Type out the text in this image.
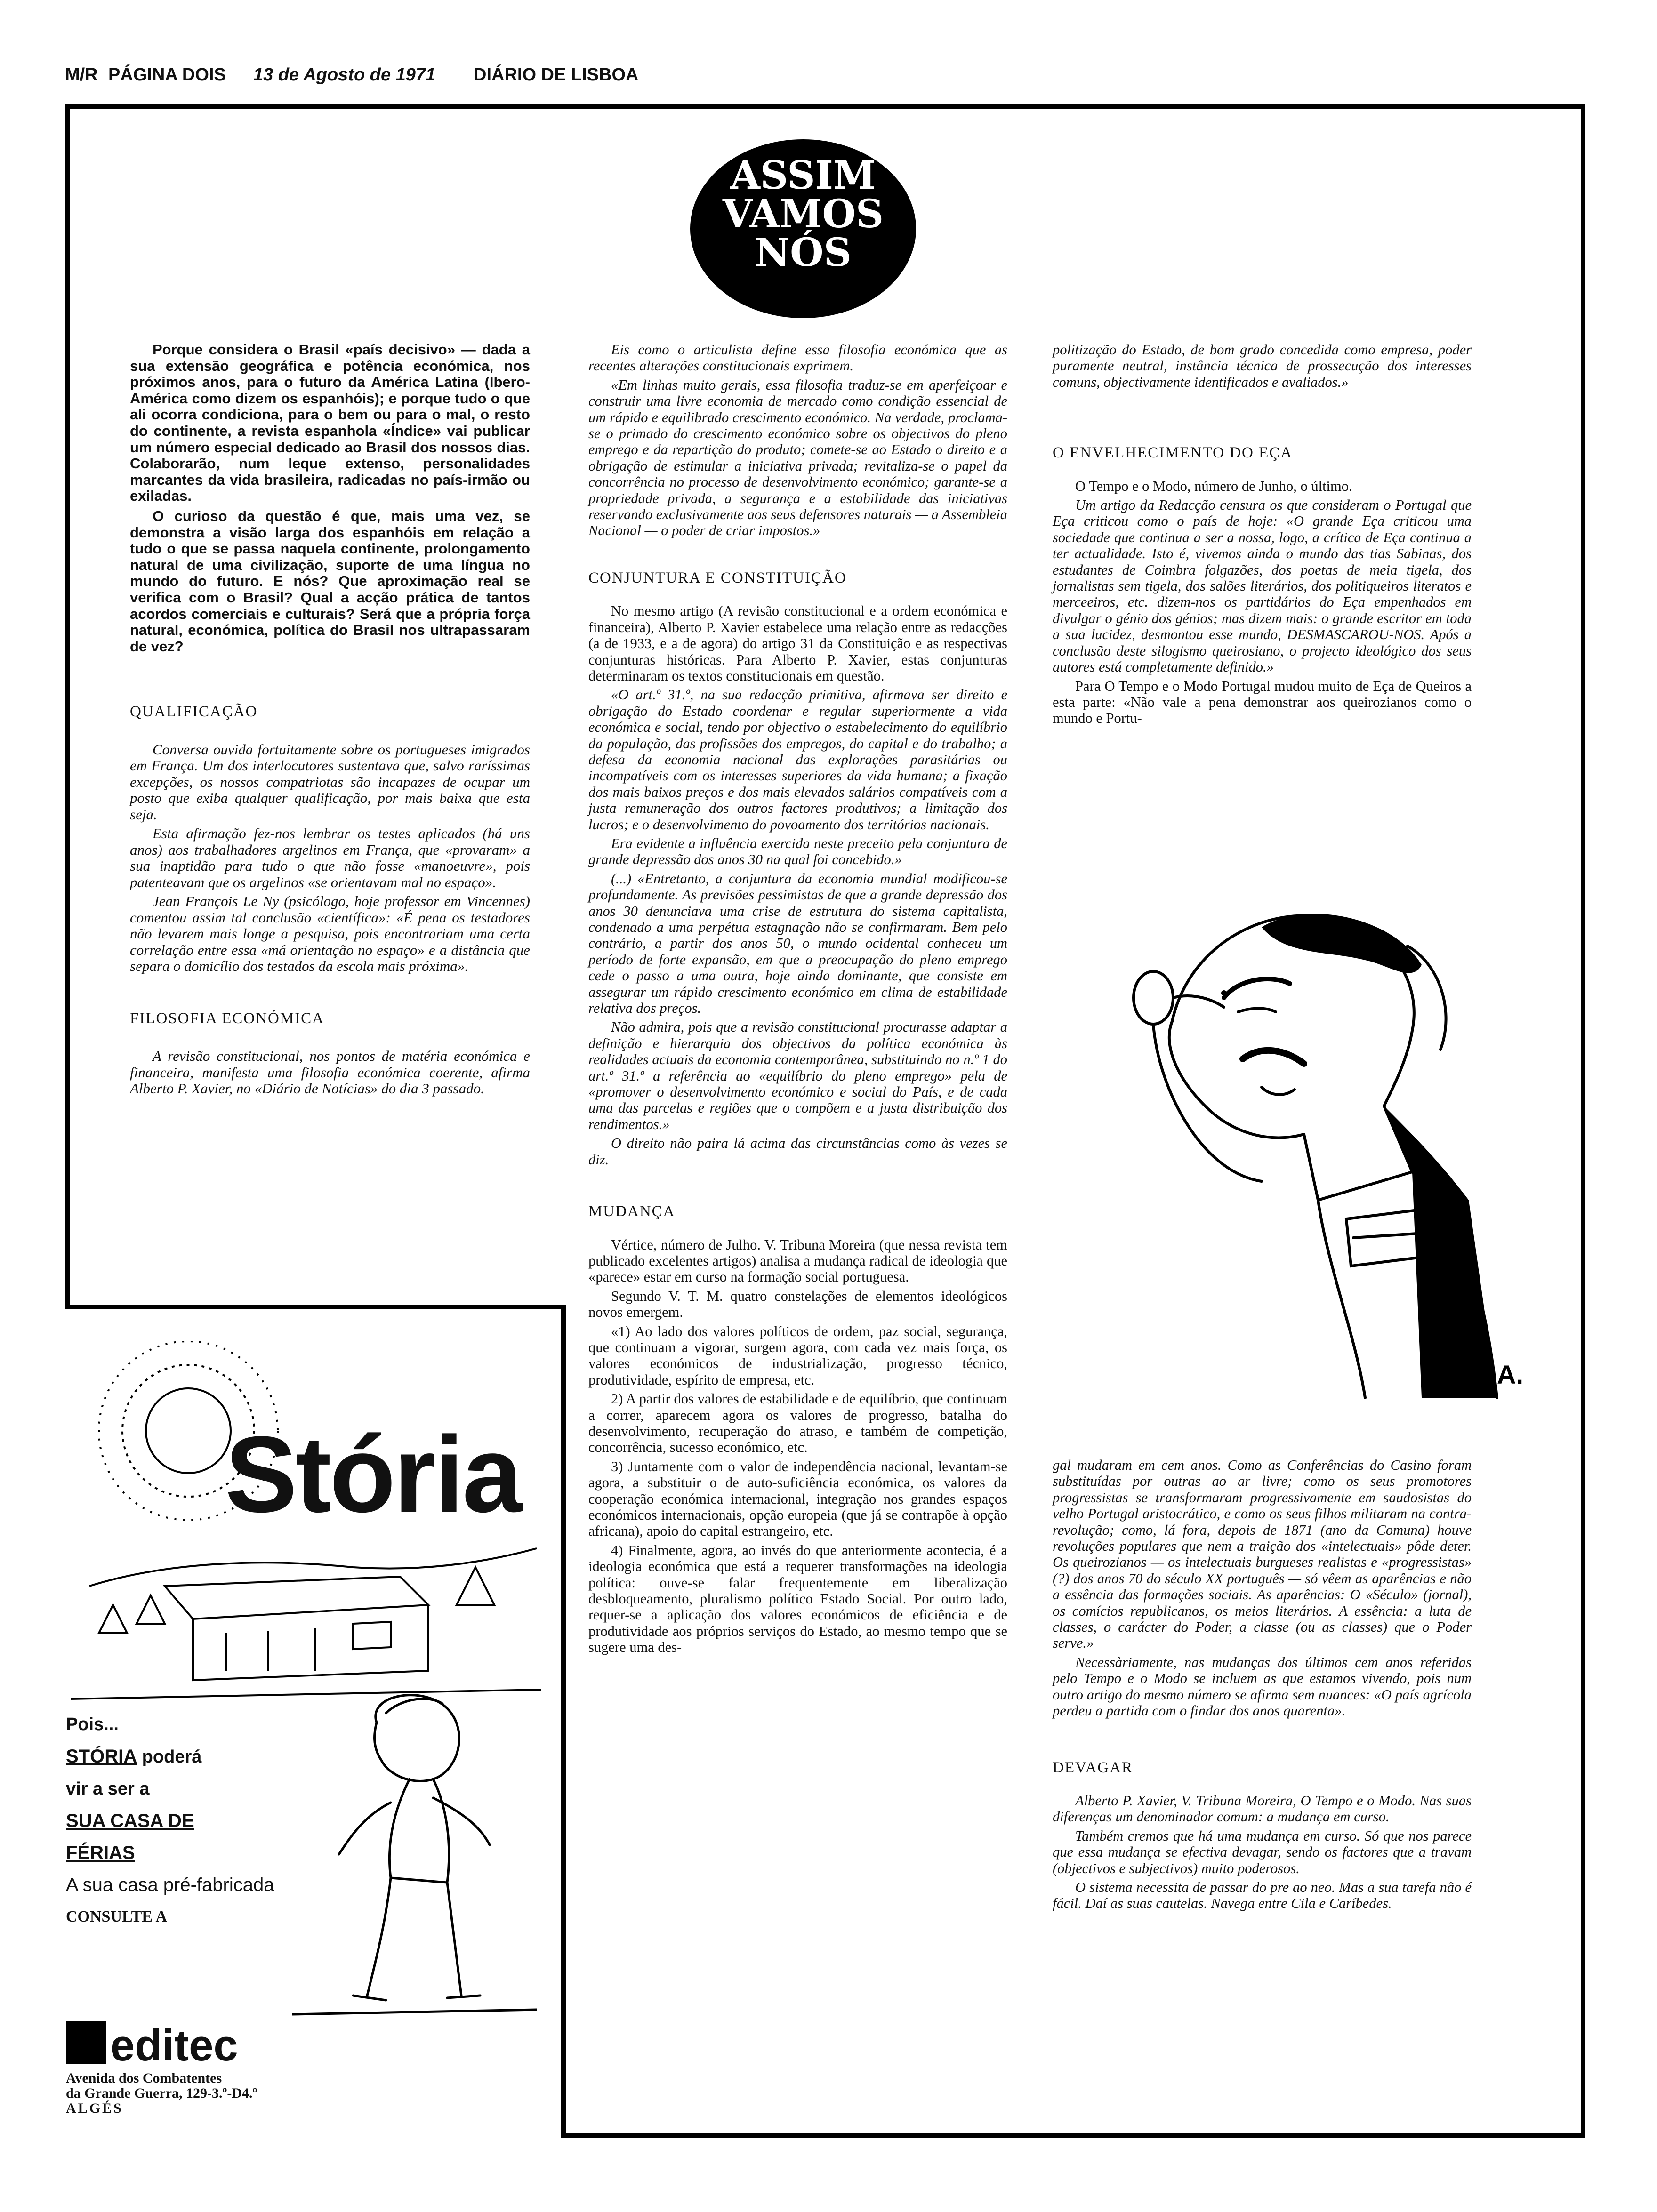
M/R PÁGINA DOIS 13 de Agosto de 1971 DIÁRIO DE LISBOA
ASSIM
VAMOS
NÓS

Porque considera o Brasil «país decisivo» — dada a sua extensão geográfica e potência económica, nos próximos anos, para o futuro da América Latina (Ibero-América como dizem os espanhóis); e porque tudo o que ali ocorra condiciona, para o bem ou para o mal, o resto do continente, a revista espanhola «Índice» vai publicar um número especial dedicado ao Brasil dos nossos dias. Colaborarão, num leque extenso, personalidades marcantes da vida brasileira, radicadas no país-irmão ou exiladas.

O curioso da questão é que, mais uma vez, se demonstra a visão larga dos espanhóis em relação a tudo o que se passa naquela continente, prolongamento natural de uma civilização, suporte de uma língua no mundo do futuro. E nós? Que aproximação real se verifica com o Brasil? Qual a acção prática de tantos acordos comerciais e culturais? Será que a própria força natural, económica, política do Brasil nos ultrapassaram de vez?

QUALIFICAÇÃO

Conversa ouvida fortuitamente sobre os portugueses imigrados em França. Um dos interlocutores sustentava que, salvo raríssimas excepções, os nossos compatriotas são incapazes de ocupar um posto que exiba qualquer qualificação, por mais baixa que esta seja.

Esta afirmação fez-nos lembrar os testes aplicados (há uns anos) aos trabalhadores argelinos em França, que «provaram» a sua inaptidão para tudo o que não fosse «manoeuvre», pois patenteavam que os argelinos «se orientavam mal no espaço».

Jean François Le Ny (psicólogo, hoje professor em Vincennes) comentou assim tal conclusão «científica»: «É pena os testadores não levarem mais longe a pesquisa, pois encontrariam uma certa correlação entre essa «má orientação no espaço» e a distância que separa o domicílio dos testados da escola mais próxima».

FILOSOFIA ECONÓMICA

A revisão constitucional, nos pontos de matéria económica e financeira, manifesta uma filosofia económica coerente, afirma Alberto P. Xavier, no «Diário de Notícias» do dia 3 passado.

Eis como o articulista define essa filosofia económica que as recentes alterações constitucionais exprimem.

«Em linhas muito gerais, essa filosofia traduz-se em aperfeiçoar e construir uma livre economia de mercado como condição essencial de um rápido e equilibrado crescimento económico. Na verdade, proclama-se o primado do crescimento económico sobre os objectivos do pleno emprego e da repartição do produto; comete-se ao Estado o direito e a obrigação de estimular a iniciativa privada; revitaliza-se o papel da concorrência no processo de desenvolvimento económico; garante-se a propriedade privada, a segurança e a estabilidade das iniciativas reservando exclusivamente aos seus defensores naturais — a Assembleia Nacional — o poder de criar impostos.»

CONJUNTURA E CONSTITUIÇÃO

No mesmo artigo (A revisão constitucional e a ordem económica e financeira), Alberto P. Xavier estabelece uma relação entre as redacções (a de 1933, e a de agora) do artigo 31 da Constituição e as respectivas conjunturas históricas. Para Alberto P. Xavier, estas conjunturas determinaram os textos constitucionais em questão.

«O art.º 31.º, na sua redacção primitiva, afirmava ser direito e obrigação do Estado coordenar e regular superiormente a vida económica e social, tendo por objectivo o estabelecimento do equilíbrio da população, das profissões dos empregos, do capital e do trabalho; a defesa da economia nacional das explorações parasitárias ou incompatíveis com os interesses superiores da vida humana; a fixação dos mais baixos preços e dos mais elevados salários compatíveis com a justa remuneração dos outros factores produtivos; a limitação dos lucros; e o desenvolvimento do povoamento dos territórios nacionais.

Era evidente a influência exercida neste preceito pela conjuntura de grande depressão dos anos 30 na qual foi concebido.»

(...) «Entretanto, a conjuntura da economia mundial modificou-se profundamente. As previsões pessimistas de que a grande depressão dos anos 30 denunciava uma crise de estrutura do sistema capitalista, condenado a uma perpétua estagnação não se confirmaram. Bem pelo contrário, a partir dos anos 50, o mundo ocidental conheceu um período de forte expansão, em que a preocupação do pleno emprego cede o passo a uma outra, hoje ainda dominante, que consiste em assegurar um rápido crescimento económico em clima de estabilidade relativa dos preços.

Não admira, pois que a revisão constitucional procurasse adaptar a definição e hierarquia dos objectivos da política económica às realidades actuais da economia contemporânea, substituindo no n.º 1 do art.º 31.º a referência ao «equilíbrio do pleno emprego» pela de «promover o desenvolvimento económico e social do País, e de cada uma das parcelas e regiões que o compõem e a justa distribuição dos rendimentos.»

O direito não paira lá acima das circunstâncias como às vezes se diz.

MUDANÇA

Vértice, número de Julho. V. Tribuna Moreira (que nessa revista tem publicado excelentes artigos) analisa a mudança radical de ideologia que «parece» estar em curso na formação social portuguesa.

Segundo V. T. M. quatro constelações de elementos ideológicos novos emergem.

«1) Ao lado dos valores políticos de ordem, paz social, segurança, que continuam a vigorar, surgem agora, com cada vez mais força, os valores económicos de industrialização, progresso técnico, produtividade, espírito de empresa, etc.

2) A partir dos valores de estabilidade e de equilíbrio, que continuam a correr, aparecem agora os valores de progresso, batalha do desenvolvimento, recuperação do atraso, e também de competição, concorrência, sucesso económico, etc.

3) Juntamente com o valor de independência nacional, levantam-se agora, a substituir o de auto-suficiência económica, os valores da cooperação económica internacional, integração nos grandes espaços económicos internacionais, opção europeia (que já se contrapõe à opção africana), apoio do capital estrangeiro, etc.

4) Finalmente, agora, ao invés do que anteriormente acontecia, é a ideologia económica que está a requerer transformações na ideologia política: ouve-se falar frequentemente em liberalização desbloqueamento, pluralismo político Estado Social. Por outro lado, requer-se a aplicação dos valores económicos de eficiência e de produtividade aos próprios serviços do Estado, ao mesmo tempo que se sugere uma des-

politização do Estado, de bom grado concedida como empresa, poder puramente neutral, instância técnica de prossecução dos interesses comuns, objectivamente identificados e avaliados.»

O ENVELHECIMENTO DO EÇA

O Tempo e o Modo, número de Junho, o último.

Um artigo da Redacção censura os que consideram o Portugal que Eça criticou como o país de hoje: «O grande Eça criticou uma sociedade que continua a ser a nossa, logo, a crítica de Eça continua a ter actualidade. Isto é, vivemos ainda o mundo das tias Sabinas, dos estudantes de Coimbra folgazões, dos poetas de meia tigela, dos jornalistas sem tigela, dos salões literários, dos politiqueiros literatos e merceeiros, etc. dizem-nos os partidários do Eça empenhados em divulgar o génio dos génios; mas dizem mais: o grande escritor em toda a sua lucidez, desmontou esse mundo, DESMASCAROU-NOS. Após a conclusão deste silogismo queirosiano, o projecto ideológico dos seus autores está completamente definido.»

Para O Tempo e o Modo Portugal mudou muito de Eça de Queiros a esta parte: «Não vale a pena demonstrar aos queirozianos como o mundo e Portu-

A.

gal mudaram em cem anos. Como as Conferências do Casino foram substituídas por outras ao ar livre; como os seus promotores progressistas se transformaram progressivamente em saudosistas do velho Portugal aristocrático, e como os seus filhos militaram na contra-revolução; como, lá fora, depois de 1871 (ano da Comuna) houve revoluções populares que nem a traição dos «intelectuais» pôde deter. Os queirozianos — os intelectuais burgueses realistas e «progressistas» (?) dos anos 70 do século XX português — só vêem as aparências e não a essência das formações sociais. As aparências: O «Século» (jornal), os comícios republicanos, os meios literários. A essência: a luta de classes, o carácter do Poder, a classe (ou as classes) que o Poder serve.»

Necessàriamente, nas mudanças dos últimos cem anos referidas pelo Tempo e o Modo se incluem as que estamos vivendo, pois num outro artigo do mesmo número se afirma sem nuances: «O país agrícola perdeu a partida com o findar dos anos quarenta».

DEVAGAR

Alberto P. Xavier, V. Tribuna Moreira, O Tempo e o Modo. Nas suas diferenças um denominador comum: a mudança em curso.

Também cremos que há uma mudança em curso. Só que nos parece que essa mudança se efectiva devagar, sendo os factores que a travam (objectivos e subjectivos) muito poderosos.

O sistema necessita de passar do pre ao neo. Mas a sua tarefa não é fácil. Daí as suas cautelas. Navega entre Cila e Caríbedes.

Stória
Pois...
STÓRIA poderá
vir a ser a
SUA CASA DE
FÉRIAS
A sua casa pré-fabricada
CONSULTE A
editec
Avenida dos Combatentes
da Grande Guerra, 129-3.º-D4.º
ALGÉS
